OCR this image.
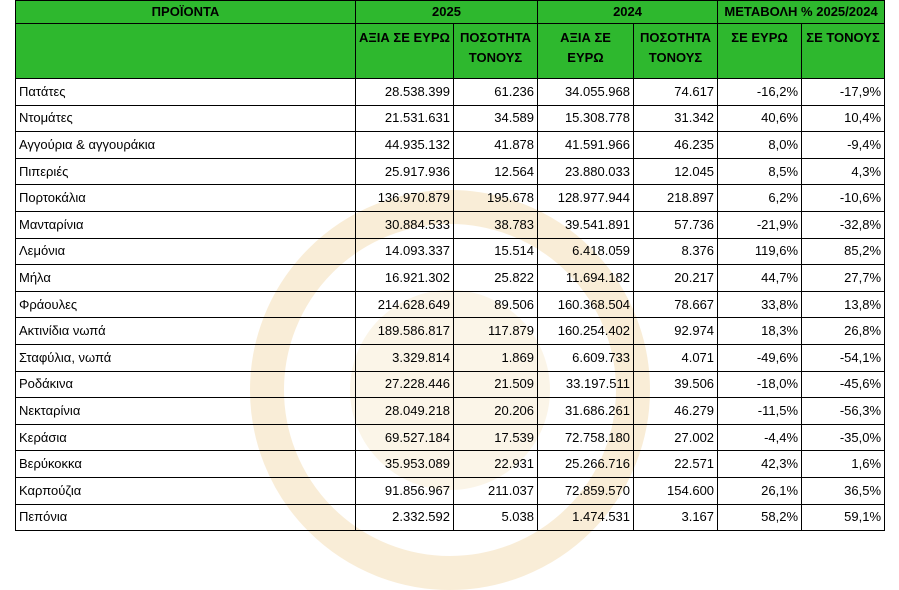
ΠΡΟΪΟΝΤΑ	2025		2024		ΜΕΤΑΒΟΛΗ % 2025/2024	
	ΑΞΙΑ ΣΕ ΕΥΡΩ	ΠΟΣΟΤΗΤΑ ΤΟΝΟΥΣ	ΑΞΙΑ ΣΕ ΕΥΡΩ	ΠΟΣΟΤΗΤΑ ΤΟΝΟΥΣ	ΣΕ ΕΥΡΩ	ΣΕ ΤΟΝΟΥΣ
Πατάτες	28.538.399	61.236	34.055.968	74.617	-16,2%	-17,9%
Ντομάτες	21.531.631	34.589	15.308.778	31.342	40,6%	10,4%
Αγγούρια & αγγουράκια	44.935.132	41.878	41.591.966	46.235	8,0%	-9,4%
Πιπεριές	25.917.936	12.564	23.880.033	12.045	8,5%	4,3%
Πορτοκάλια	136.970.879	195.678	128.977.944	218.897	6,2%	-10,6%
Μανταρίνια	30.884.533	38.783	39.541.891	57.736	-21,9%	-32,8%
Λεμόνια	14.093.337	15.514	6.418.059	8.376	119,6%	85,2%
Μήλα	16.921.302	25.822	11.694.182	20.217	44,7%	27,7%
Φράουλες	214.628.649	89.506	160.368.504	78.667	33,8%	13,8%
Ακτινίδια νωπά	189.586.817	117.879	160.254.402	92.974	18,3%	26,8%
Σταφύλια, νωπά	3.329.814	1.869	6.609.733	4.071	-49,6%	-54,1%
Ροδάκινα	27.228.446	21.509	33.197.511	39.506	-18,0%	-45,6%
Νεκταρίνια	28.049.218	20.206	31.686.261	46.279	-11,5%	-56,3%
Κεράσια	69.527.184	17.539	72.758.180	27.002	-4,4%	-35,0%
Βερύκοκκα	35.953.089	22.931	25.266.716	22.571	42,3%	1,6%
Καρπούζια	91.856.967	211.037	72.859.570	154.600	26,1%	36,5%
Πεπόνια	2.332.592	5.038	1.474.531	3.167	58,2%	59,1%
